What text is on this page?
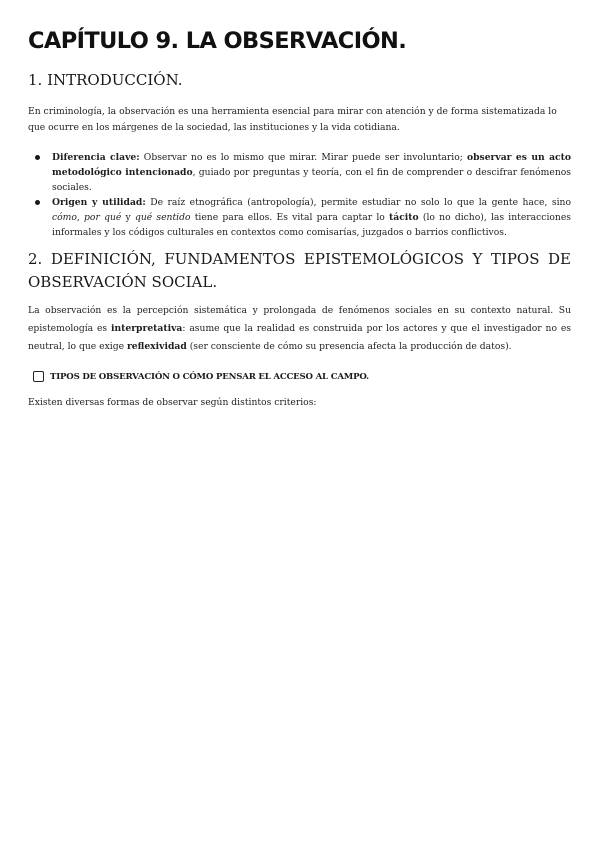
CAPÍTULO 9. LA OBSERVACIÓN.
1. INTRODUCCIÓN.

En criminología, la observación es una herramienta esencial para mirar con atención y de forma sistematizada lo que ocurre en los márgenes de la sociedad, las instituciones y la vida cotidiana.

Diferencia clave: Observar no es lo mismo que mirar. Mirar puede ser involuntario; observar es un acto metodológico intencionado, guiado por preguntas y teoría, con el fin de comprender o descifrar fenómenos sociales.
Origen y utilidad: De raíz etnográfica (antropología), permite estudiar no solo lo que la gente hace, sino cómo, por qué y qué sentido tiene para ellos. Es vital para captar lo tácito (lo no dicho), las interacciones informales y los códigos culturales en contextos como comisarías, juzgados o barrios conflictivos.
2. DEFINICIÓN, FUNDAMENTOS EPISTEMOLÓGICOS Y TIPOS DE OBSERVACIÓN SOCIAL.

La observación es la percepción sistemática y prolongada de fenómenos sociales en su contexto natural. Su epistemología es interpretativa: asume que la realidad es construida por los actores y que el investigador no es neutral, lo que exige reflexividad (ser consciente de cómo su presencia afecta la producción de datos).

TIPOS DE OBSERVACIÓN O CÓMO PENSAR EL ACCESO AL CAMPO.

Existen diversas formas de observar según distintos criterios:
